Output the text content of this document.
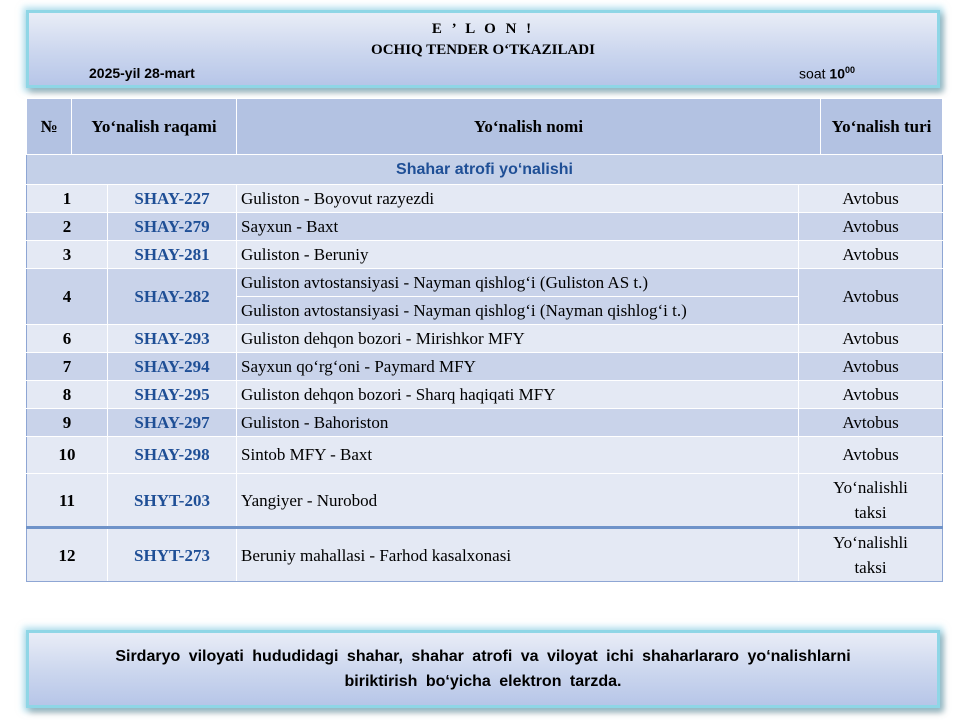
E ’ L O N !
OCHIQ TENDER O‘TKAZILADI
2025-yil 28-mart	soat $10^{00}$
№	Yo‘nalish raqami		Yo‘nalish nomi		Yo‘nalish turi
Shahar atrofi yo‘nalishi					
1		SHAY-227	Guliston - Boyovut razyezdi	Avtobus	
2		SHAY-279	Sayxun - Baxt	Avtobus	
3		SHAY-281	Guliston - Beruniy	Avtobus	
4		SHAY-282	Guliston avtostansiyasi - Nayman qishlog‘i (Guliston AS t.)	Avtobus	
			Guliston avtostansiyasi - Nayman qishlog‘i (Nayman qishlog‘i t.)		
6		SHAY-293	Guliston dehqon bozori - Mirishkor MFY	Avtobus	
7		SHAY-294	Sayxun qo‘rg‘oni - Paymard MFY	Avtobus	
8		SHAY-295	Guliston dehqon bozori - Sharq haqiqati MFY	Avtobus	
9		SHAY-297	Guliston - Bahoriston	Avtobus	
10		SHAY-298	Sintob MFY - Baxt	Avtobus	
11		SHYT-203	Yangiyer - Nurobod	Yo‘nalishli
taksi	
12		SHYT-273	Beruniy mahallasi - Farhod kasalxonasi	Yo‘nalishli
taksi	
Sirdaryo viloyati hududidagi shahar, shahar atrofi va viloyat ichi shaharlararo yo‘nalishlarni
biriktirish bo‘yicha elektron tarzda.
